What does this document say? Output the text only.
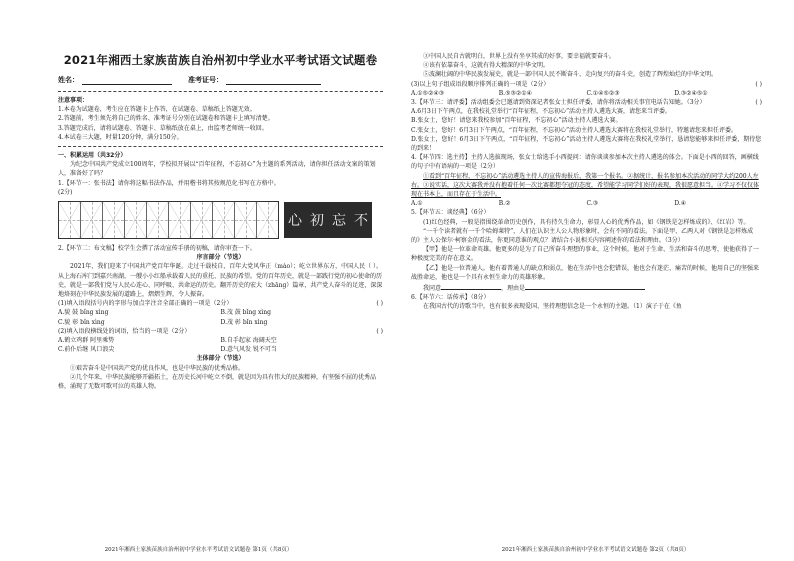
2021年湘西土家族苗族自治州初中学业水平考试语文试题卷
姓名：	准考证号：

注意事项：

1.本卷为试题卷，考生应在答题卡上作答，在试题卷、草稿纸上答题无效。

2.答题前，考生须先将自己的姓名、准考证号分别在试题卷和答题卡上填写清楚。

3.答题完成后，请将试题卷、答题卡、草稿纸放在桌上，由监考老师统一收回。

4.本试卷三大题，时量120分钟，满分150分。

一、积累运用（共32分）

为纪念中国共产党成立100周年，学校拟开展以“百年征程，不忘初心”为主题的系列活动，请你担任活动文案的策划人，准备好了吗？

1.【环节一：张书法】请你将这幅书法作品，并用楷书将其按规范化书写在方格中。

(2分)

心 初 忘 不

2.【环节二：布文稿】校学生会撰了活动宣传手册的初稿，请你审查一下。

序言部分（节选）

2021年，我们迎来了中国共产党百年华诞。走过千载枝自，百年大党风华正（mào）；屹立世界东方，中国人民（ ）。从上海石库门到嘉兴南湖，一艘小小红船承载着人民的重托、民族的希望。党的百年历史，就是一部践行党的初心使命的历史，就是一部我们党与人民心连心、同呼吸、共命运的历史。翻开历史的宏大（zhāng）篇章，共产党人奋斗的足迹，深深地烙刻在中华民族发展的道路上，熠熠生辉，令人振奋。

(1)填入语段括号内的字形与加点字注音全部正确的一项是（2分）	( )
A.貌 鼓 bǐng xìng	B.茂 鼓 bǐng xìng
C.貌 彰 bǐn xìng	D.茂 彰 bǐn xìng
(2)填入语段横线处的词语，恰当的一项是（2分）	( )
A.鹤立鸡群 阿里乘势	B.自手起家 海阔天空
C.前仆后继 风口浪尖	D.意气风发 锐不可当

主体部分（节选）

①艰苦奋斗是中国共产党的优良作风，也是中华民族的优秀品格。

②几个年来，中华民族能够开疆拓土，在历史长河中屹立不倒，就是因为具有伟大的民族精神，有坚强不屈的优秀品格，涌现了无数可歌可泣的英雄人物。

2021年湘西土家族苗族自治州初中学业水平考试语文试题卷 第1页（共8页）

③中国人民自古就明白，世界上没有坐享其成的好事，要幸福就要奋斗。

④该有依靠奋斗，这就有得大精深的中华文明。

⑤波澜壮阔的中华民族发展史，就是一部中国人民不断奋斗、走向复兴的奋斗史，创造了辉煌灿烂的中华文明。

(3)以上句子组成语段顺序排列正确的一项是（2分）	( )
A.①⑤②④③	B.⑤③②①④	C.①④⑤②③	D.③②④⑤①
3.【环节三：请评委】活动组委会已邀请到资深记者张女士担任评委，请你将活动相关事宜电话告知她。（3分）	( )

A.6月3日下午两点，在我校礼堂举行“百年征程，不忘初心”活动主持人遴选大赛，请您来当评委。

B.张女士，您好！请您来我校参加“百年征程，不忘初心”活动主持人遴选大赛。

C.张女士，您好！6月3日下午两点，“百年征程，不忘初心”活动主持人遴选大赛将在我校礼堂举行，特邀请您来担任评委。

D.张女士，您好！6月3日下午两点，“百年征程，不忘初心”活动主持人遴选大赛将在我校礼堂举行，恳请您能够来担任评委，期待您的到来！

4.【环节四：选主持】主持人选拔现场，张女士给选手小西提问：请你谈谈参加本次主持人遴选的体会。下面是小西的回答，画横线的句子中有语病的一项是（2分）

①看到“百年征程，不忘初心”活动遴选主持人的宣传海报后，我第一个报名。②据统计，报名参加本次活动的同学大约200人左右。③说实话，这次大赛我并没有抱着任何一次比赛都想夺冠的态度，希望能学习同学们好的表现，我很愿意担当。④学习不仅仅体现在书本上，而且存在于生活中。

A.①	B.②	C.③	D.④

5.【环节五：谈经典】（6分）

(1)红色经典，一般是指围绕革命历史创作，具有持久生命力，彰显人心的优秀作品，如《钢铁是怎样炼成的》、《红岩》等。

“一千个读者就有一千个哈姆莱特”，人们在认识主人公人物形象时，会有不同的看法。下面是甲、乙两人对《钢铁是怎样炼成的》主人公保尔·柯察金的看法，你更同意谁的观点？请结合小说相关内容阐述你的看法和理由。（3分）

【甲】他是一位革命英雄。他更多的是为了自己所奋斗理想的事业，这个时候，他对于生命、生活和奋斗的思考，使他获得了一种极度完美的存在意义。

【乙】他是一位普通人。他有着普通人的缺点和弱点，他在生活中也会犯错误，他也会有迷茫、痛苦的时候，他用自己的坚强来战胜命运，他也是一个具有永恒生命力的英雄形象。

我同意	，理由是

6.【环节六：话传承】（8分）

在我国古代的诗歌当中，也有很多表现爱国、坚持理想信念是一个永恒的主题。（1）演子于在《鱼

2021年湘西土家族苗族自治州初中学业水平考试语文试题卷 第2页（共8页）
